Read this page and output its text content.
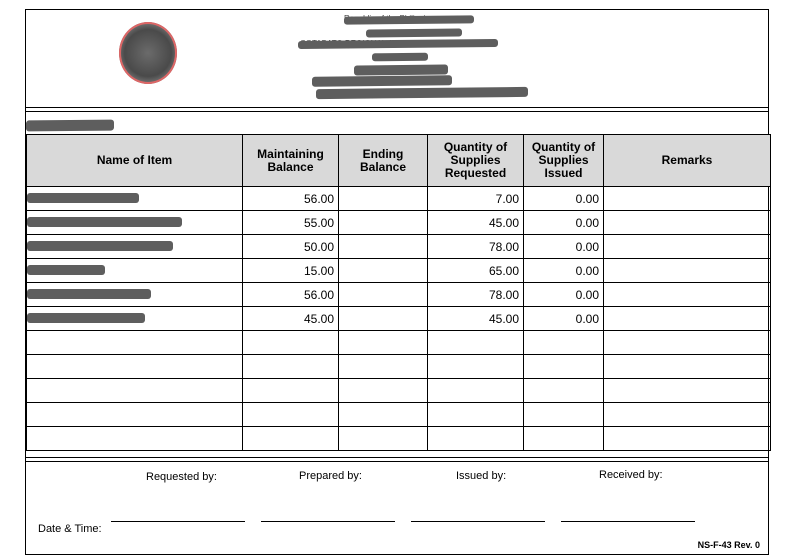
Name of Item	Maintaining Balance	Ending Balance	Quantity of Supplies Requested	Quantity of Supplies Issued	Remarks

	56.00		7.00	0.00	

	55.00		45.00	0.00	

	50.00		78.00	0.00	

	15.00		65.00	0.00	

	56.00		78.00	0.00	

	45.00		45.00	0.00	

Requested by:	Prepared by:	Issued by:	Received by:
Date & Time:
NS-F-43 Rev. 0
